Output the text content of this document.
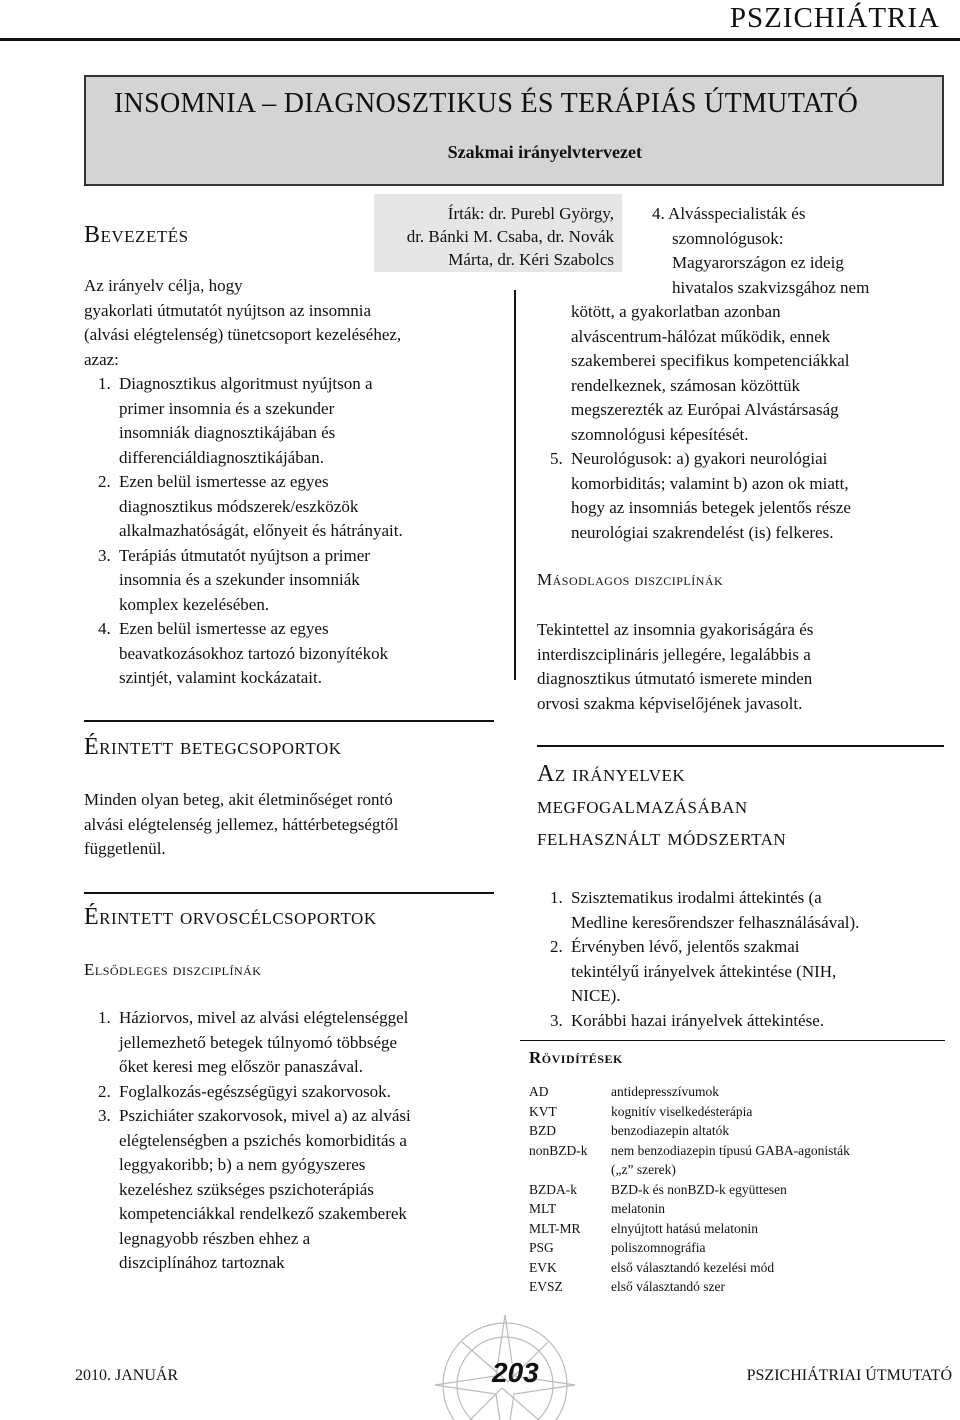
PSZICHIÁTRIA
INSOMNIA – DIAGNOSZTIKUS ÉS TERÁPIÁS ÚTMUTATÓ
Szakmai irányelvtervezet
Írták: dr. Purebl György,
dr. Bánki M. Csaba, dr. Novák
Márta, dr. Kéri Szabolcs
Bevezetés
Az irányelv célja, hogy
gyakorlati útmutatót nyújtson az insomnia
(alvási elégtelenség) tünetcsoport kezeléséhez,
azaz:
1. Diagnosztikus algoritmust nyújtson a
primer insomnia és a szekunder
insomniák diagnosztikájában és
differenciáldiagnosztikájában.
2. Ezen belül ismertesse az egyes
diagnosztikus módszerek/eszközök
alkalmazhatóságát, előnyeit és hátrányait.
3. Terápiás útmutatót nyújtson a primer
insomnia és a szekunder insomniák
komplex kezelésében.
4. Ezen belül ismertesse az egyes
beavatkozásokhoz tartozó bizonyítékok
szintjét, valamint kockázatait.
Érintett betegcsoportok
Minden olyan beteg, akit életminőséget rontó
alvási elégtelenség jellemez, háttérbetegségtől
függetlenül.
Érintett orvoscélcsoportok
Elsődleges diszciplínák
1. Háziorvos, mivel az alvási elégtelenséggel
jellemezhető betegek túlnyomó többsége
őket keresi meg először panaszával.
2. Foglalkozás-egészségügyi szakorvosok.
3. Pszichiáter szakorvosok, mivel a) az alvási
elégtelenségben a pszichés komorbiditás a
leggyakoribb; b) a nem gyógyszeres
kezeléshez szükséges pszichoterápiás
kompetenciákkal rendelkező szakemberek
legnagyobb részben ehhez a
diszciplínához tartoznak
4. Alvásspecialisták és
szomnológusok:
Magyarországon ez ideig
hivatalos szakvizsgához nem
kötött, a gyakorlatban azonban
alváscentrum-hálózat működik, ennek
szakemberei specifikus kompetenciákkal
rendelkeznek, számosan közöttük
megszerezték az Európai Alvástársaság
szomnológusi képesítését.
5. Neurológusok: a) gyakori neurológiai
komorbiditás; valamint b) azon ok miatt,
hogy az insomniás betegek jelentős része
neurológiai szakrendelést (is) felkeres.
Másodlagos diszciplínák
Tekintettel az insomnia gyakoriságára és
interdiszciplináris jellegére, legalábbis a
diagnosztikus útmutató ismerete minden
orvosi szakma képviselőjének javasolt.
Az irányelvek
megfogalmazásában
felhasznált módszertan
1. Szisztematikus irodalmi áttekintés (a
Medline keresőrendszer felhasználásával).
2. Érvényben lévő, jelentős szakmai
tekintélyű irányelvek áttekintése (NIH,
NICE).
3. Korábbi hazai irányelvek áttekintése.
Rövidítések
AD	antidepresszívumok
KVT	kognitív viselkedésterápia
BZD	benzodiazepin altatók
nonBZD-k	nem benzodiazepin típusú GABA-agonisták
(„z” szerek)
BZDA-k	BZD-k és nonBZD-k együttesen
MLT	melatonin
MLT-MR	elnyújtott hatású melatonin
PSG	poliszomnográfia
EVK	első választandó kezelési mód
EVSZ	első választandó szer
2010. JANUÁR	203	PSZICHIÁTRIAI ÚTMUTATÓ
